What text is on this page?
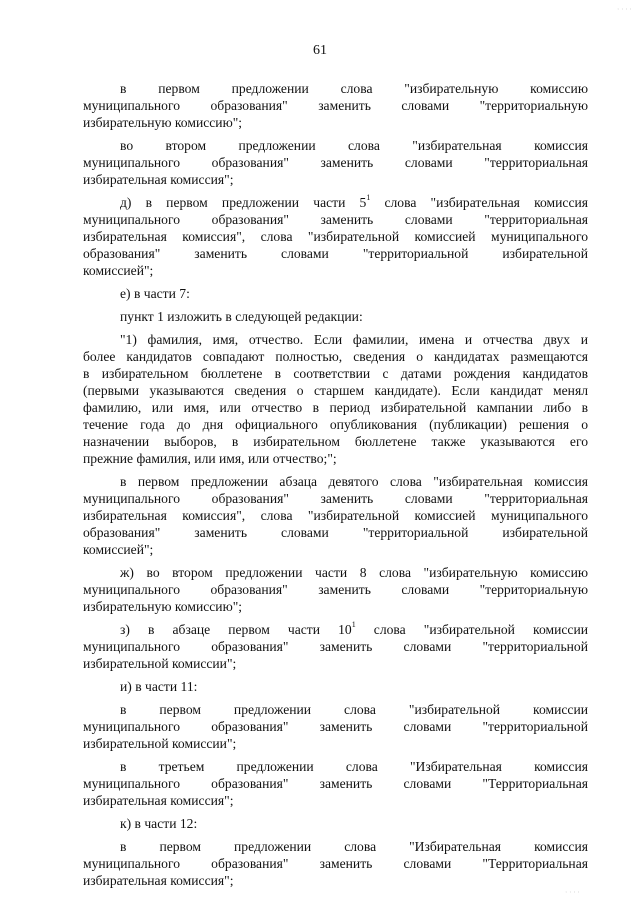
' ' ' '
61
в первом предложении слова "избирательную комиссию
муниципального образования" заменить словами "территориальную
избирательную комиссию";
во втором предложении слова "избирательная комиссия
муниципального образования" заменить словами "территориальная
избирательная комиссия";
д) в первом предложении части $5^1$ слова "избирательная комиссия
муниципального образования" заменить словами "территориальная
избирательная комиссия", слова "избирательной комиссией муниципального
образования" заменить словами "территориальной избирательной
комиссией";
е) в части 7:
пункт 1 изложить в следующей редакции:
"1) фамилия, имя, отчество. Если фамилии, имена и отчества двух и
более кандидатов совпадают полностью, сведения о кандидатах размещаются
в избирательном бюллетене в соответствии с датами рождения кандидатов
(первыми указываются сведения о старшем кандидате). Если кандидат менял
фамилию, или имя, или отчество в период избирательной кампании либо в
течение года до дня официального опубликования (публикации) решения о
назначении выборов, в избирательном бюллетене также указываются его
прежние фамилия, или имя, или отчество;";
в первом предложении абзаца девятого слова "избирательная комиссия
муниципального образования" заменить словами "территориальная
избирательная комиссия", слова "избирательной комиссией муниципального
образования" заменить словами "территориальной избирательной
комиссией";
ж) во втором предложении части 8 слова "избирательную комиссию
муниципального образования" заменить словами "территориальную
избирательную комиссию";
з) в абзаце первом части $10^1$ слова "избирательной комиссии
муниципального образования" заменить словами "территориальной
избирательной комиссии";
и) в части 11:
в первом предложении слова "избирательной комиссии
муниципального образования" заменить словами "территориальной
избирательной комиссии";
в третьем предложении слова "Избирательная комиссия
муниципального образования" заменить словами "Территориальная
избирательная комиссия";
к) в части 12:
в первом предложении слова "Избирательная комиссия
муниципального образования" заменить словами "Территориальная
избирательная комиссия";
' ' ' '
